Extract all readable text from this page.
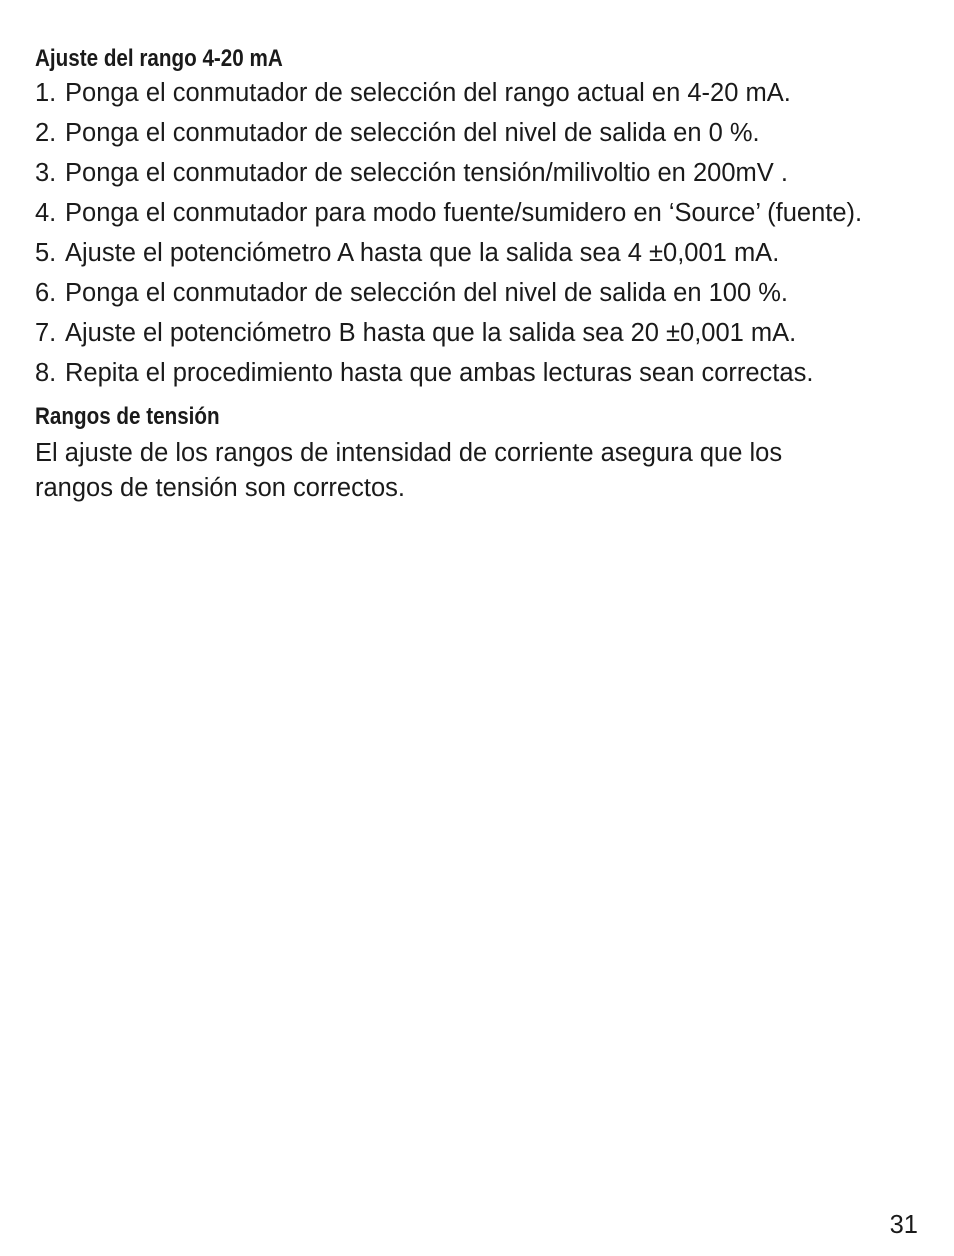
Ajuste del rango 4-20 mA
1. Ponga el conmutador de selección del rango actual en 4-20 mA.
2. Ponga el conmutador de selección del nivel de salida en 0 %.
3. Ponga el conmutador de selección tensión/milivoltio en 200mV .
4. Ponga el conmutador para modo fuente/sumidero en ‘Source’ (fuente).
5. Ajuste el potenciómetro A hasta que la salida sea 4 ±0,001 mA.
6. Ponga el conmutador de selección del nivel de salida en 100 %.
7. Ajuste el potenciómetro B hasta que la salida sea 20 ±0,001 mA.
8. Repita el procedimiento hasta que ambas lecturas sean correctas.
Rangos de tensión

El ajuste de los rangos de intensidad de corriente asegura que los rangos de tensión son correctos.

31
